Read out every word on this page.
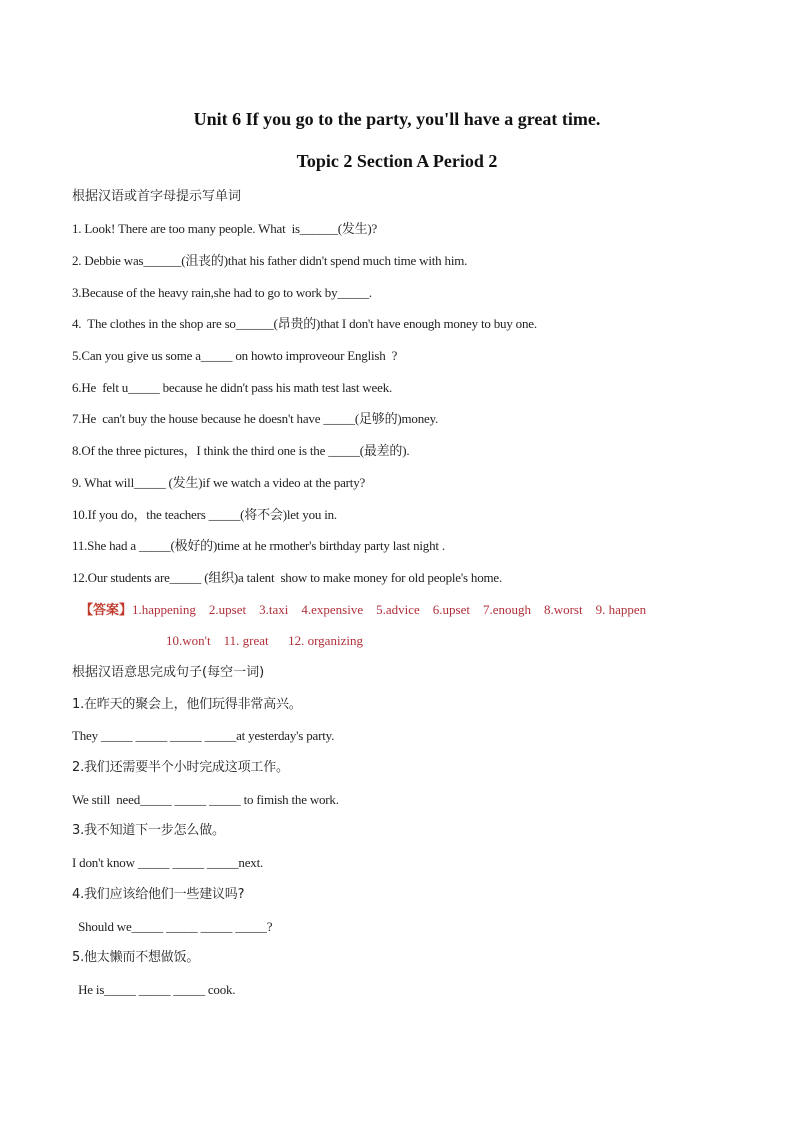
Unit 6 If you go to the party, you'll have a great time.
Topic 2 Section A Period 2
根据汉语或首字母提示写单词
1. Look! There are too many people. What  is______(发生)?
2. Debbie was______(沮丧的)that his father didn't spend much time with him.
3.Because of the heavy rain,she had to go to work by_____.
4.  The clothes in the shop are so______(昂贵的)that I don't have enough money to buy one.
5.Can you give us some a_____ on howto improveour English  ?
6.He  felt u_____ because he didn't pass his math test last week.
7.He  can't buy the house because he doesn't have _____(足够的)money.
8.Of the three pictures，I think the third one is the _____(最差的).
9. What will_____ (发生)if we watch a video at the party?
10.If you do，the teachers _____(将不会)let you in.
11.She had a _____(极好的)time at he rmother's birthday party last night .
12.Our students are_____ (组织)a talent  show to make money for old people's home.
【答案】1.happening    2.upset    3.taxi    4.expensive    5.advice    6.upset    7.enough    8.worst    9. happen
10.won't    11. great      12. organizing
根据汉语意思完成句子(每空一词)
1.在昨天的聚会上，他们玩得非常高兴。
They _____ _____ _____ _____at yesterday's party.
2.我们还需要半个小时完成这项工作。
We still  need_____ _____ _____ to fimish the work.
3.我不知道下一步怎么做。
I don't know _____ _____ _____next.
4.我们应该给他们一些建议吗?
Should we_____ _____ _____ _____?
5.他太懒而不想做饭。
He is_____ _____ _____ cook.
